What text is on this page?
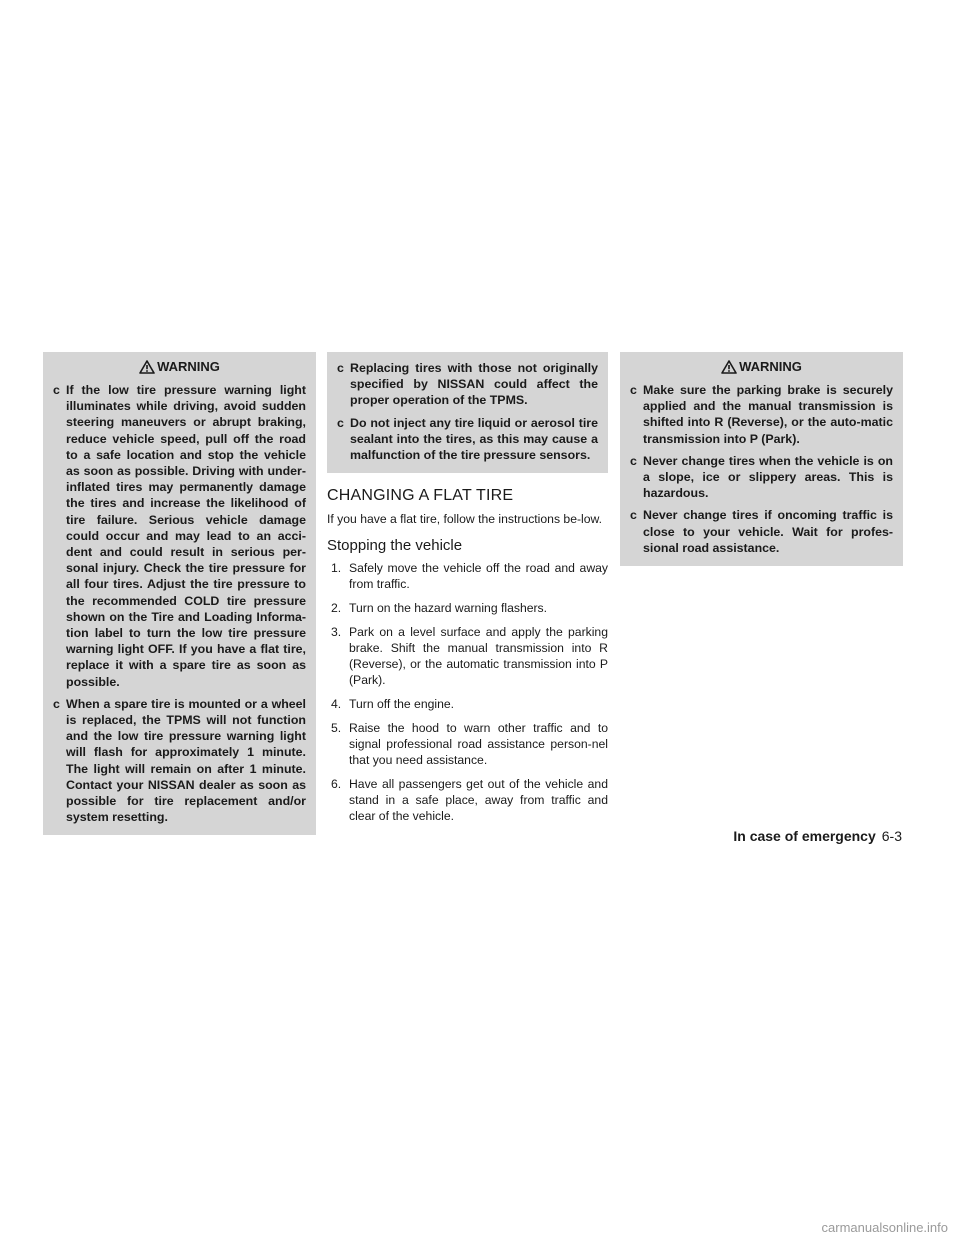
WARNING
c If the low tire pressure warning light illuminates while driving, avoid sudden steering maneuvers or abrupt braking, reduce vehicle speed, pull off the road to a safe location and stop the vehicle as soon as possible. Driving with under-inflated tires may permanently damage the tires and increase the likelihood of tire failure. Serious vehicle damage could occur and may lead to an acci-dent and could result in serious per-sonal injury. Check the tire pressure for all four tires. Adjust the tire pressure to the recommended COLD tire pressure shown on the Tire and Loading Informa-tion label to turn the low tire pressure warning light OFF. If you have a flat tire, replace it with a spare tire as soon as possible.
c When a spare tire is mounted or a wheel is replaced, the TPMS will not function and the low tire pressure warning light will flash for approximately 1 minute. The light will remain on after 1 minute. Contact your NISSAN dealer as soon as possible for tire replacement and/or system resetting.
c Replacing tires with those not originally specified by NISSAN could affect the proper operation of the TPMS.
c Do not inject any tire liquid or aerosol tire sealant into the tires, as this may cause a malfunction of the tire pressure sensors.
CHANGING A FLAT TIRE

If you have a flat tire, follow the instructions be-low.

Stopping the vehicle
1. Safely move the vehicle off the road and away from traffic.
2. Turn on the hazard warning flashers.
3. Park on a level surface and apply the parking brake. Shift the manual transmission into R (Reverse), or the automatic transmission into P (Park).
4. Turn off the engine.
5. Raise the hood to warn other traffic and to signal professional road assistance person-nel that you need assistance.
6. Have all passengers get out of the vehicle and stand in a safe place, away from traffic and clear of the vehicle.
WARNING
c Make sure the parking brake is securely applied and the manual transmission is shifted into R (Reverse), or the auto-matic transmission into P (Park).
c Never change tires when the vehicle is on a slope, ice or slippery areas. This is hazardous.
c Never change tires if oncoming traffic is close to your vehicle. Wait for profes-sional road assistance.
In case of emergency 6-3
carmanualsonline.info
